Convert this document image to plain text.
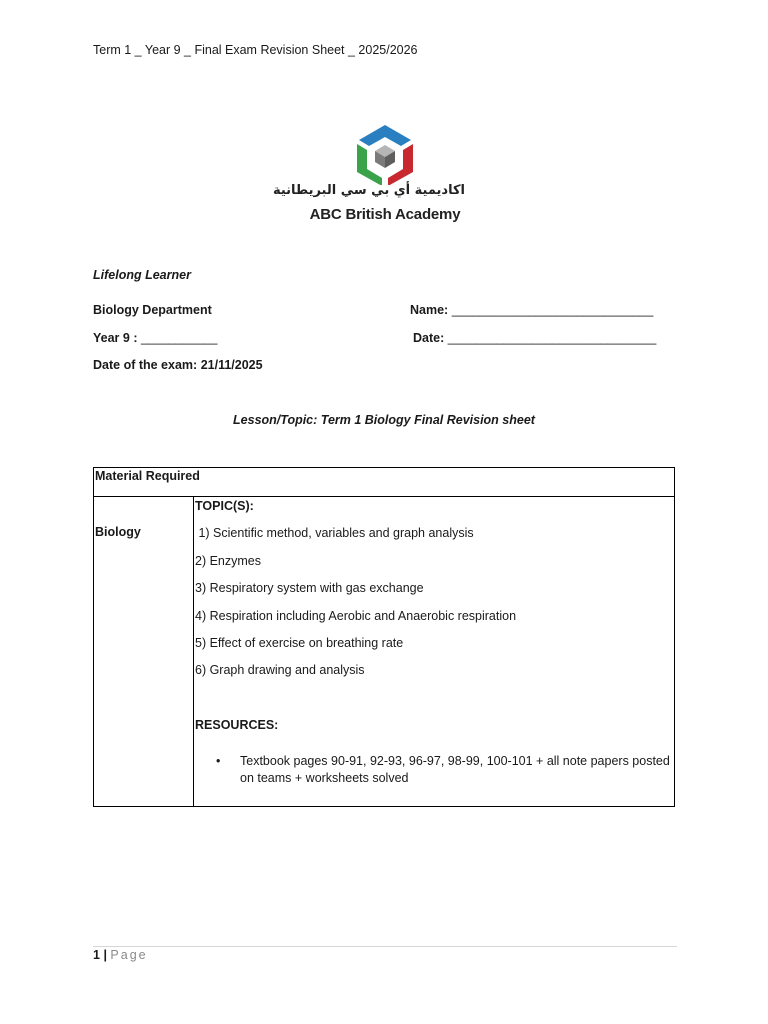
Term 1 _ Year 9 _ Final Exam Revision Sheet _ 2025/2026
اكاديمية أي بي سي البريطانية
ABC British Academy
Lifelong Learner
Biology Department	Name: _____________________________
Year 9 : ___________	Date: ______________________________
Date of the exam: 21/11/2025
Lesson/Topic: Term 1 Biology Final Revision sheet
Material Required

Biology

TOPIC(S):
1) Scientific method, variables and graph analysis
2) Enzymes
3) Respiratory system with gas exchange
4) Respiration including Aerobic and Anaerobic respiration
5) Effect of exercise on breathing rate
6) Graph drawing and analysis
RESOURCES:
• Textbook pages 90-91, 92-93, 96-97, 98-99, 100-101 + all note papers posted on teams + worksheets solved
1 | Page
